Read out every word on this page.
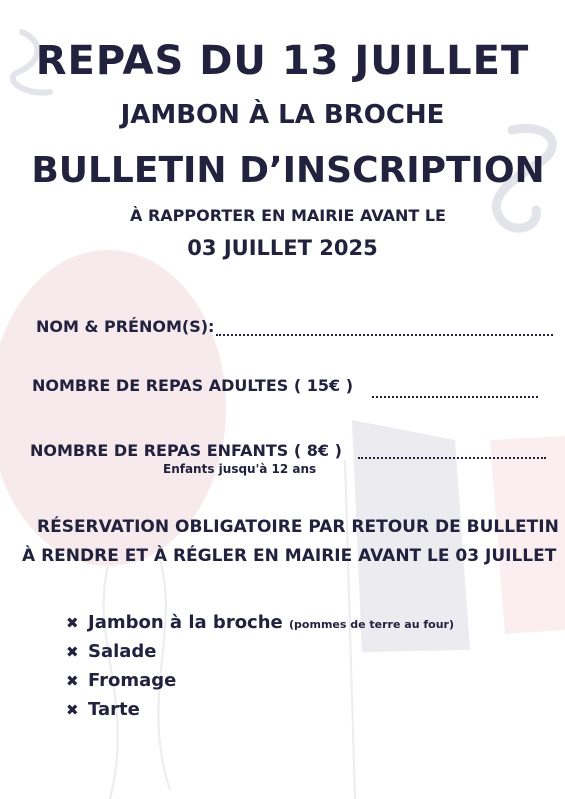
REPAS DU 13 JUILLET
JAMBON À LA BROCHE
BULLETIN D’INSCRIPTION
À RAPPORTER EN MAIRIE AVANT LE
03 JUILLET 2025
NOM & PRÉNOM(S):
NOMBRE DE REPAS ADULTES ( 15€ )
NOMBRE DE REPAS ENFANTS ( 8€ )
Enfants jusqu'à 12 ans
RÉSERVATION OBLIGATOIRE PAR RETOUR DE BULLETIN
À RENDRE ET À RÉGLER EN MAIRIE AVANT LE 03 JUILLET
✖ Jambon à la broche (pommes de terre au four)
✖ Salade
✖ Fromage
✖ Tarte
